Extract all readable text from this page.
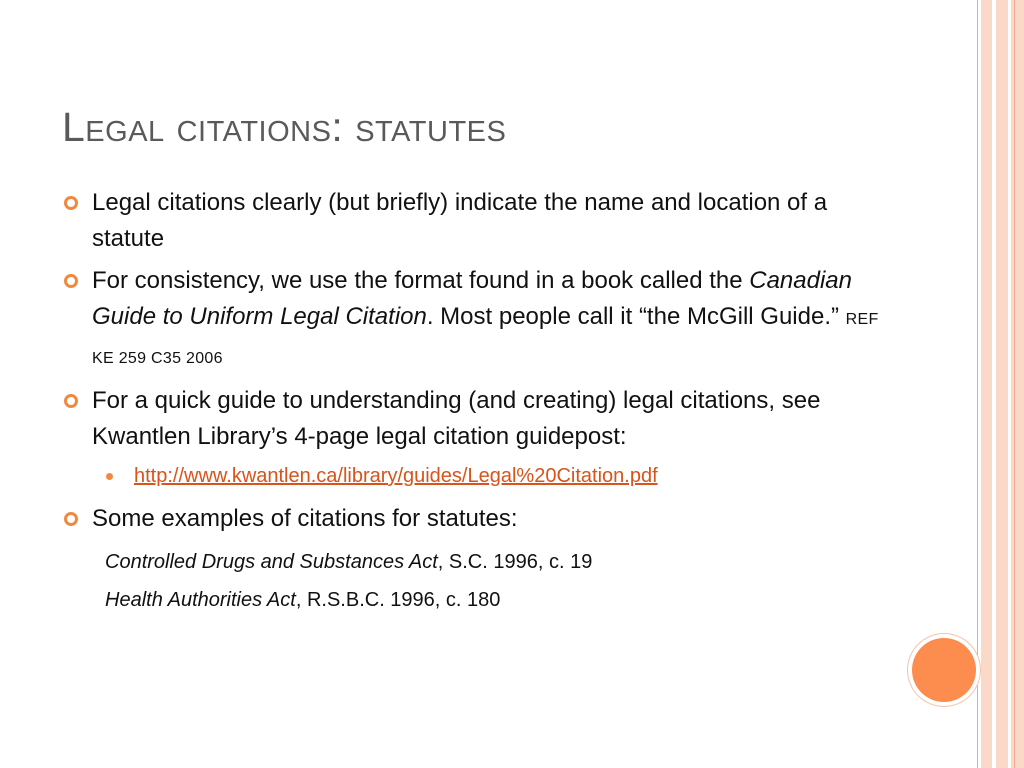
Legal citations: statutes
Legal citations clearly (but briefly) indicate the name and location of a statute
For consistency, we use the format found in a book called the Canadian Guide to Uniform Legal Citation. Most people call it “the McGill Guide.” REF KE 259 C35 2006
For a quick guide to understanding (and creating) legal citations, see Kwantlen Library’s 4-page legal citation guidepost:
http://www.kwantlen.ca/library/guides/Legal%20Citation.pdf
Some examples of citations for statutes:
Controlled Drugs and Substances Act, S.C. 1996, c. 19
Health Authorities Act, R.S.B.C. 1996, c. 180
